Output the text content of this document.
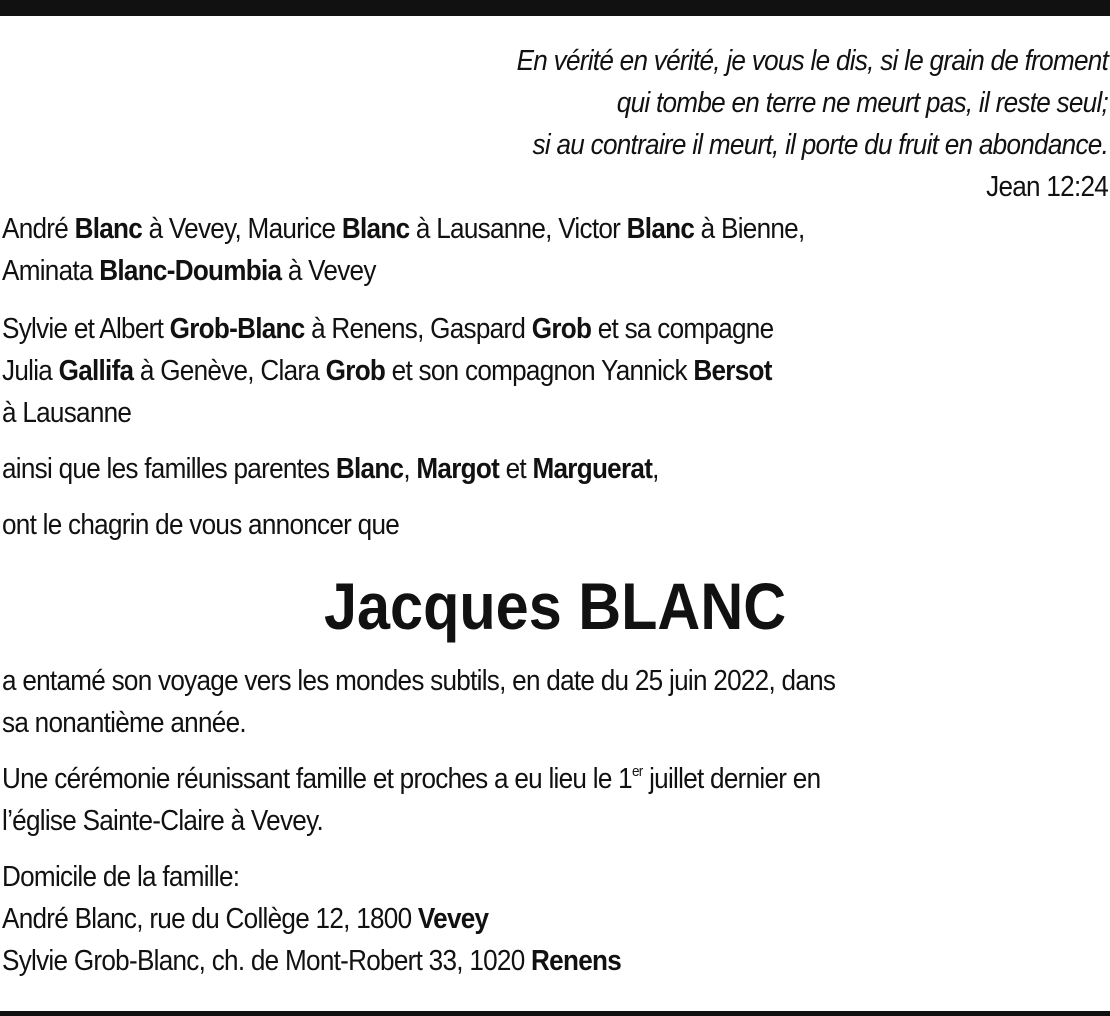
En vérité en vérité, je vous le dis, si le grain de froment
qui tombe en terre ne meurt pas, il reste seul;
si au contraire il meurt, il porte du fruit en abondance.
Jean 12:24
André Blanc à Vevey, Maurice Blanc à Lausanne, Victor Blanc à Bienne,
Aminata Blanc-Doumbia à Vevey
Sylvie et Albert Grob-Blanc à Renens, Gaspard Grob et sa compagne
Julia Gallifa à Genève, Clara Grob et son compagnon Yannick Bersot
à Lausanne
ainsi que les familles parentes Blanc, Margot et Marguerat,
ont le chagrin de vous annoncer que
Jacques BLANC
a entamé son voyage vers les mondes subtils, en date du 25 juin 2022, dans
sa nonantième année.
Une cérémonie réunissant famille et proches a eu lieu le 1er juillet dernier en
l’église Sainte-Claire à Vevey.
Domicile de la famille:
André Blanc, rue du Collège 12, 1800 Vevey
Sylvie Grob-Blanc, ch. de Mont-Robert 33, 1020 Renens
